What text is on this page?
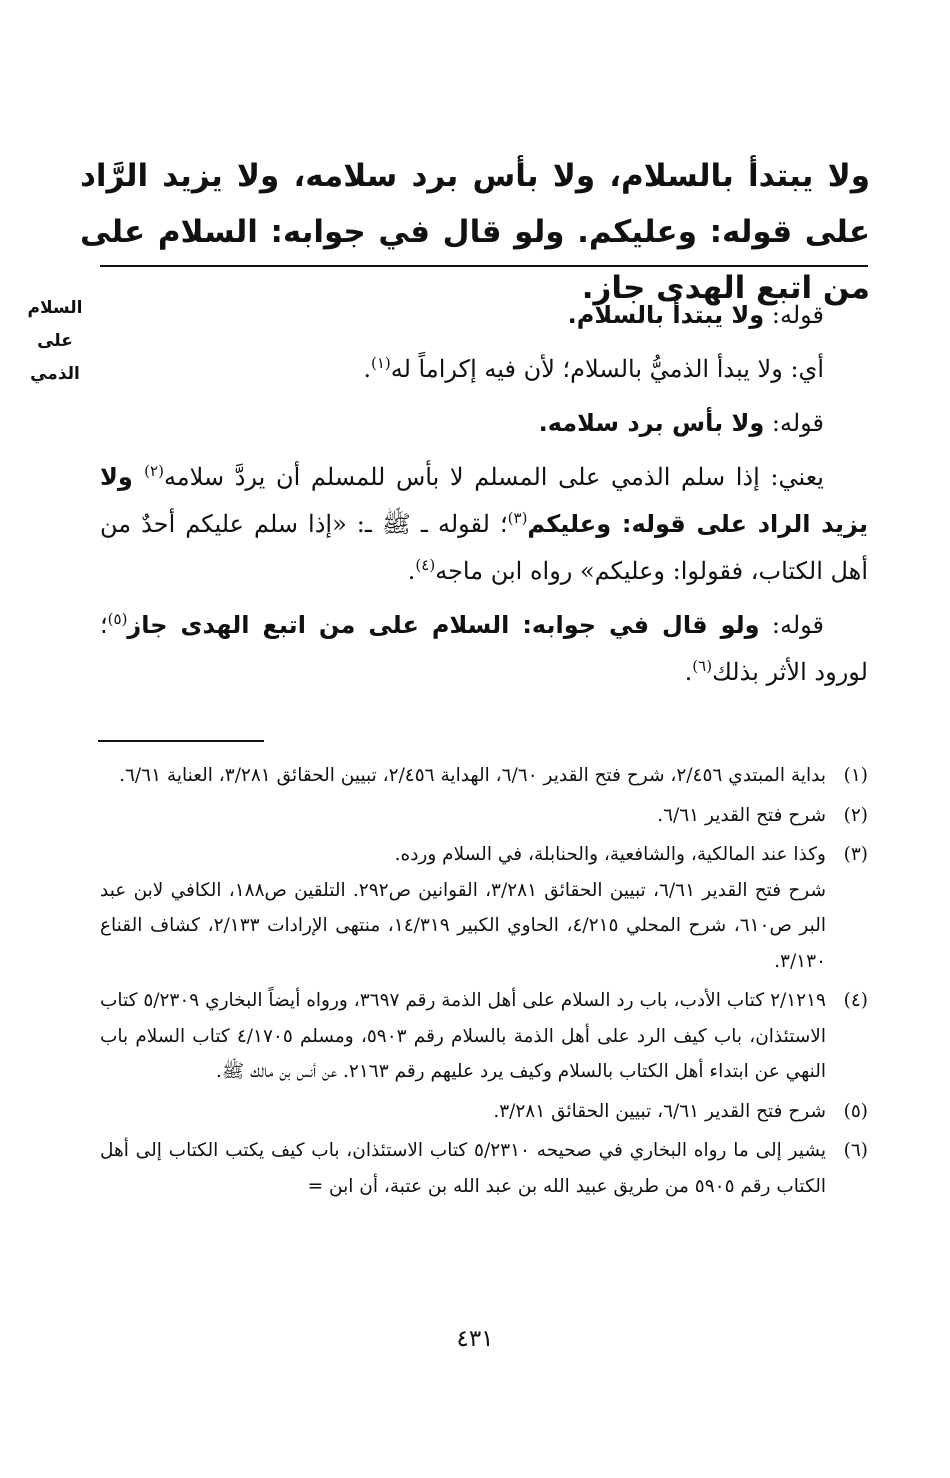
ولا يبتدأ بالسلام، ولا بأس برد سلامه، ولا يزيد الرَّاد على قوله: وعليكم. ولو قال في جوابه: السلام على من اتبع الهدى جاز.
السلام
على
الذمي

قوله: ولا يبتدأ بالسلام.

أي: ولا يبدأ الذميُّ بالسلام؛ لأن فيه إكراماً له$^{(١)}$.

قوله: ولا بأس برد سلامه.

يعني: إذا سلم الذمي على المسلم لا بأس للمسلم أن يردَّ سلامه$^{(٢)}$ ولا يزيد الراد على قوله: وعليكم$^{(٣)}$؛ لقوله ـ ﷺ ـ: «إذا سلم عليكم أحدٌ من أهل الكتاب، فقولوا: وعليكم» رواه ابن ماجه$^{(٤)}$.

قوله: ولو قال في جوابه: السلام على من اتبع الهدى جاز$^{(٥)}$؛ لورود الأثر بذلك$^{(٦)}$.

(١)
بداية المبتدي ٢/٤٥٦، شرح فتح القدير ٦/٦٠، الهداية ٢/٤٥٦، تبيين الحقائق ٣/٢٨١، العناية ٦/٦١.
(٢)
شرح فتح القدير ٦/٦١.
(٣)
وكذا عند المالكية، والشافعية، والحنابلة، في السلام ورده.
شرح فتح القدير ٦/٦١، تبيين الحقائق ٣/٢٨١، القوانين ص٢٩٢. التلقين ص١٨٨، الكافي لابن عبد البر ص٦١٠، شرح المحلي ٤/٢١٥، الحاوي الكبير ١٤/٣١٩، منتهى الإرادات ٢/١٣٣، كشاف القناع ٣/١٣٠.
(٤)
٢/١٢١٩ كتاب الأدب، باب رد السلام على أهل الذمة رقم ٣٦٩٧، ورواه أيضاً البخاري ٥/٢٣٠٩ كتاب الاستئذان، باب كيف الرد على أهل الذمة بالسلام رقم ٥٩٠٣، ومسلم ٤/١٧٠٥ كتاب السلام باب النهي عن ابتداء أهل الكتاب بالسلام وكيف يرد عليهم رقم ٢١٦٣. عن أنس بن مالك ﷺ.
(٥)
شرح فتح القدير ٦/٦١، تبيين الحقائق ٣/٢٨١.
(٦)
يشير إلى ما رواه البخاري في صحيحه ٥/٢٣١٠ كتاب الاستئذان، باب كيف يكتب الكتاب إلى أهل الكتاب رقم ٥٩٠٥ من طريق عبيد الله بن عبد الله بن عتبة، أن ابن =
٤٣١
